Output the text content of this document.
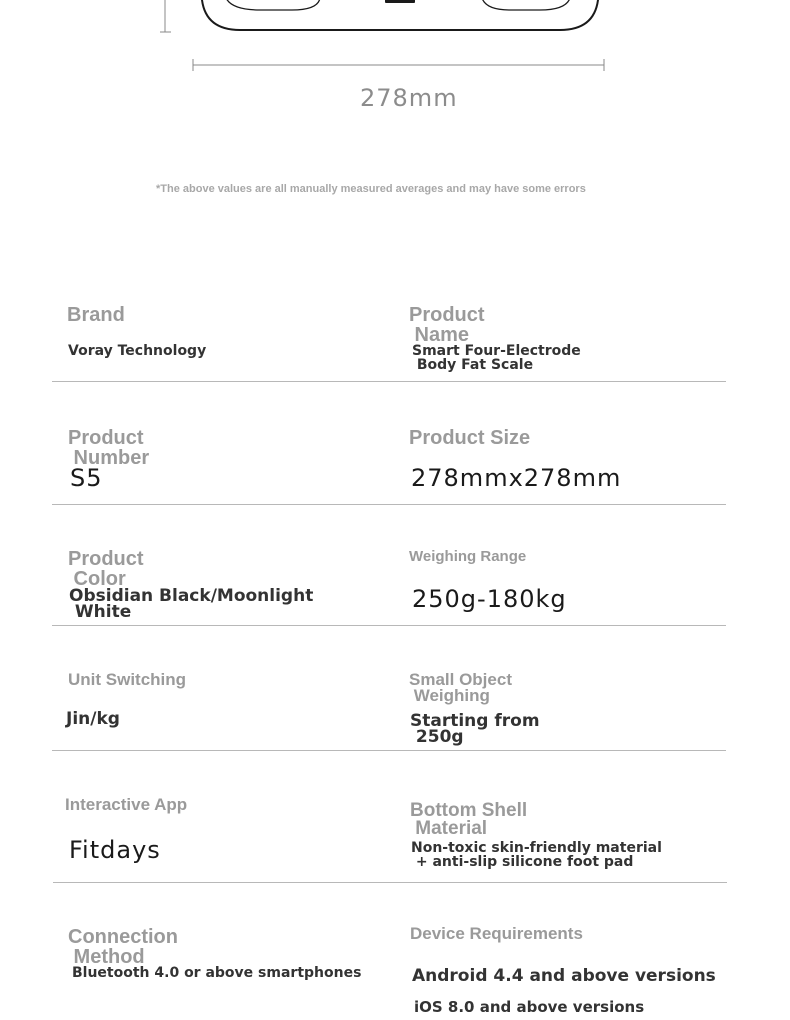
278mm
*The above values are all manually measured averages and may have some errors
Brand
Voray Technology
Product
Name
Smart Four-Electrode
Body Fat Scale
Product
Number
S5
Product Size
278mmx278mm
Product
Color
Obsidian Black/Moonlight
White
Weighing Range
250g-180kg
Unit Switching
Jin/kg
Small Object
Weighing
Starting from
250g
Interactive App
Fitdays
Bottom Shell
Material
Non-toxic skin-friendly material
+ anti-slip silicone foot pad
Connection
Method
Bluetooth 4.0 or above smartphones
Device Requirements
Android 4.4 and above versions
iOS 8.0 and above versions
